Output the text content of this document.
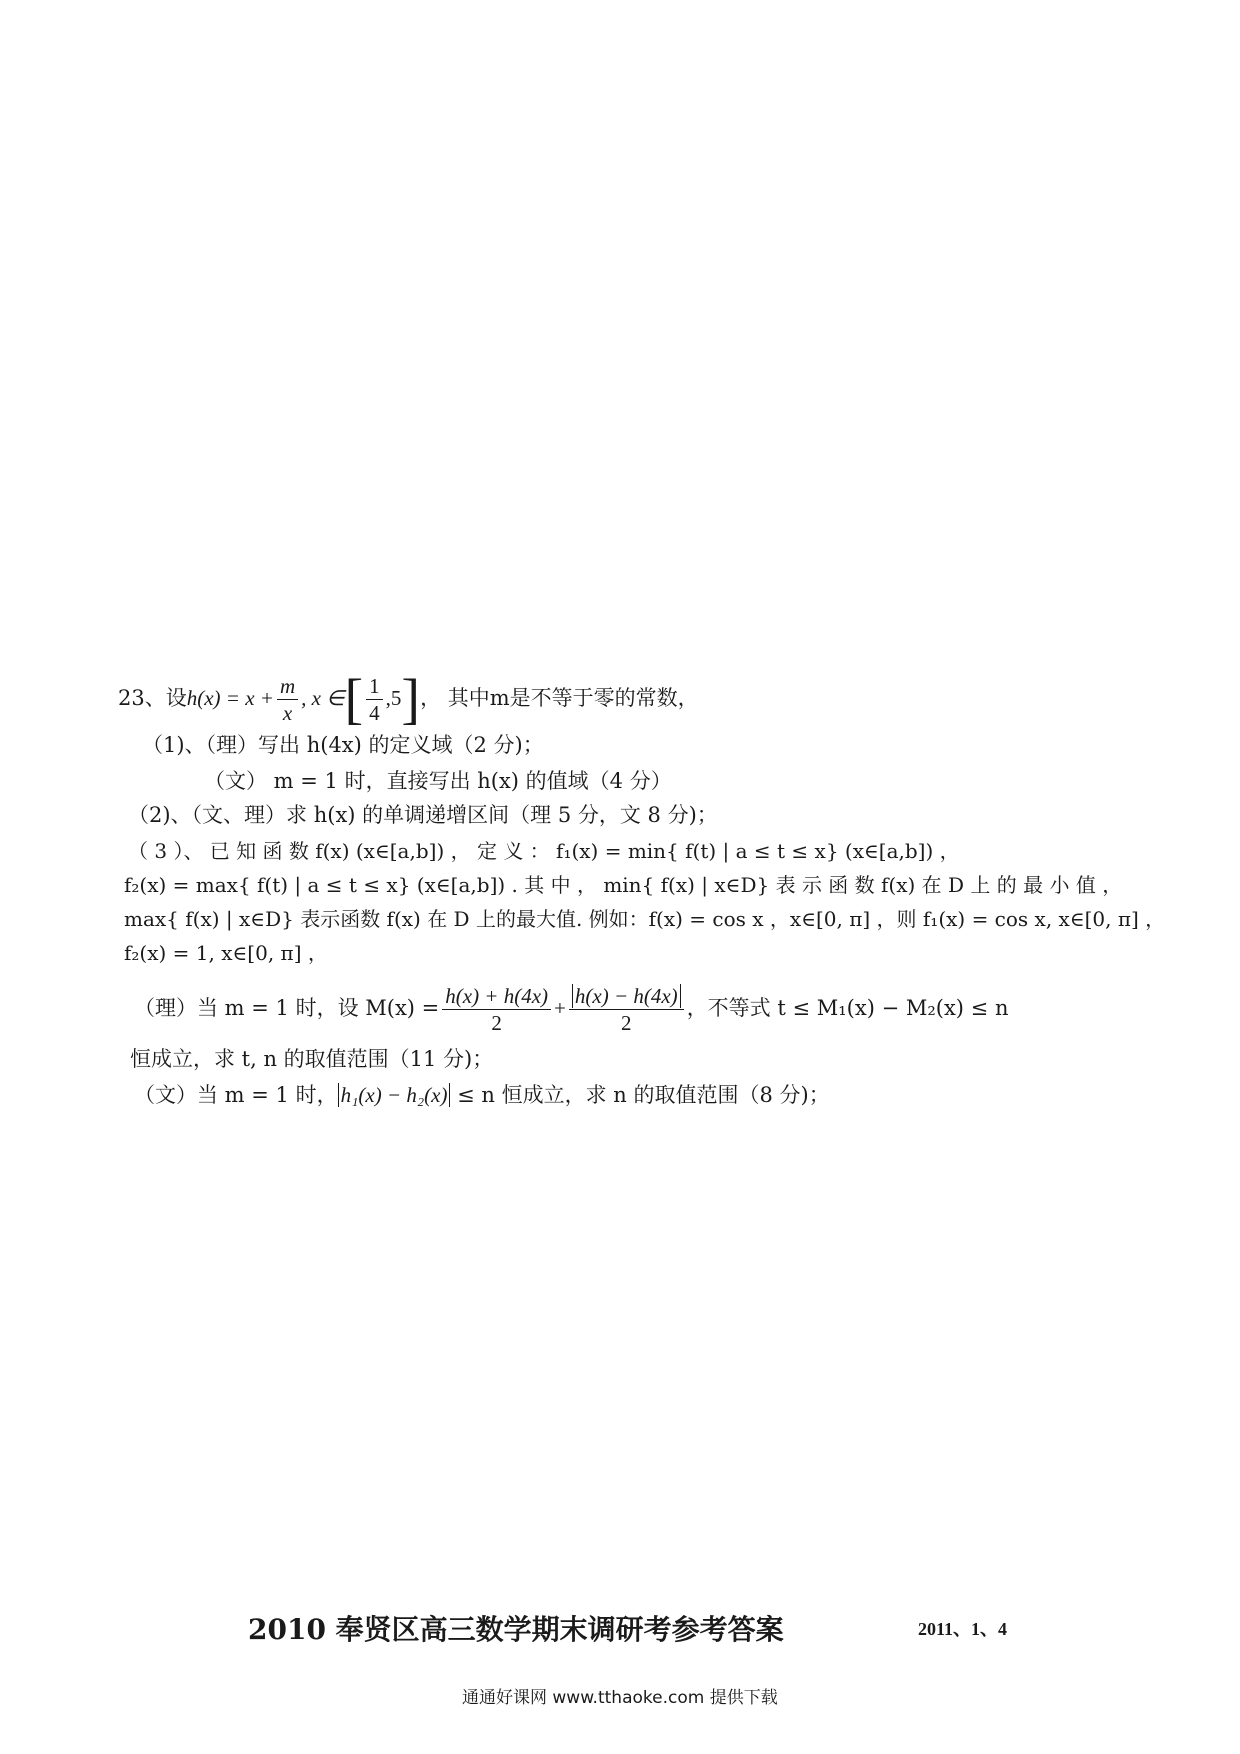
23、设$h(x) = x + \frac{m}{x}$ , x ∈[ $\frac{1}{4} ,5$]， 其中m是不等于零的常数，
（1)、（理）写出 h(4x) 的定义域（2 分)；
（文） m = 1 时，直接写出 h(x) 的值域（4 分）
（2)、（文、理）求 h(x) 的单调递增区间（理 5 分，文 8 分)；
（ 3 ）、 已 知 函 数 f(x) (x∈[a,b]) ， 定 义 ： f₁(x) = min{ f(t) | a ≤ t ≤ x} (x∈[a,b]) ，
f₂(x) = max{ f(t) | a ≤ t ≤ x} (x∈[a,b]) . 其 中 ， min{ f(x) | x∈D} 表 示 函 数 f(x) 在 D 上 的 最 小 值 ，
max{ f(x) | x∈D} 表示函数 f(x) 在 D 上的最大值. 例如：f(x) = cos x ，x∈[0, π] ，则 f₁(x) = cos x, x∈[0, π] ，
f₂(x) = 1, x∈[0, π] ，
（理）当 m = 1 时，设 $M(x) = \frac{h(x) + h(4x)}{2} + \frac{h(x) - h(4x)}{2}$ ，不等式 t ≤ M₁(x) − M₂(x) ≤ n
恒成立，求 t, n 的取值范围（11 分)；
（文）当 m = 1 时， h₁(x) − h₂(x) ≤ n 恒成立，求 n 的取值范围（8 分)；
2010 奉贤区高三数学期末调研考参考答案	2011、1、4
通通好课网 www.tthaoke.com 提供下载
